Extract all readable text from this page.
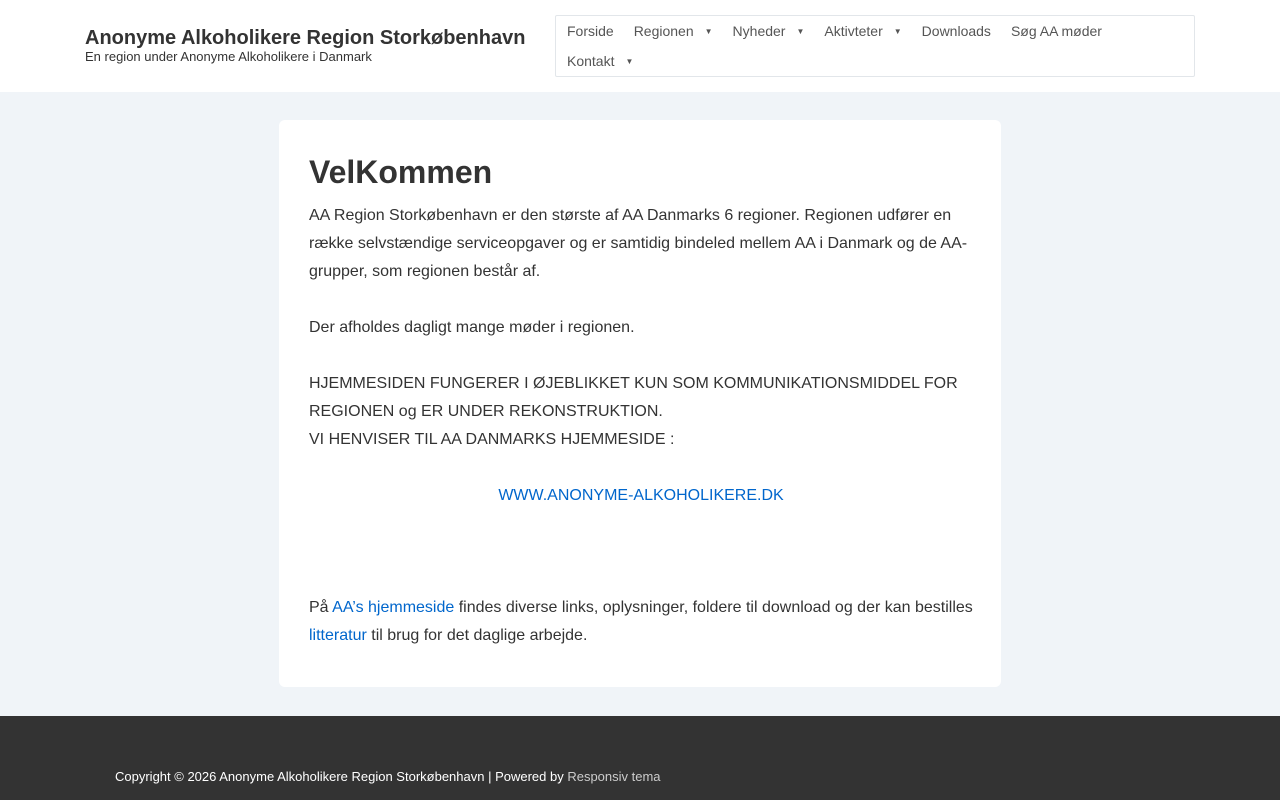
Anonyme Alkoholikere Region Storkøbenhavn
En region under Anonyme Alkoholikere i Danmark
Forside Regionen ▼ Nyheder ▼ Aktivteter ▼ Downloads Søg AA møder
Kontakt ▼
VelKommen

AA Region Storkøbenhavn er den største af AA Danmarks 6 regioner. Regionen udfører en række selvstændige serviceopgaver og er samtidig bindeled mellem AA i Danmark og de AA-grupper, som regionen består af.

Der afholdes dagligt mange møder i regionen.

HJEMMESIDEN FUNGERER I ØJEBLIKKET KUN SOM KOMMUNIKATIONSMIDDEL FOR REGIONEN og ER UNDER REKONSTRUKTION.

VI HENVISER TIL AA DANMARKS HJEMMESIDE :

WWW.ANONYME-ALKOHOLIKERE.DK

På AA’s hjemmeside findes diverse links, oplysninger, foldere til download og der kan bestilles litteratur til brug for det daglige arbejde.

Copyright © 2026 Anonyme Alkoholikere Region Storkøbenhavn | Powered by Responsiv tema
